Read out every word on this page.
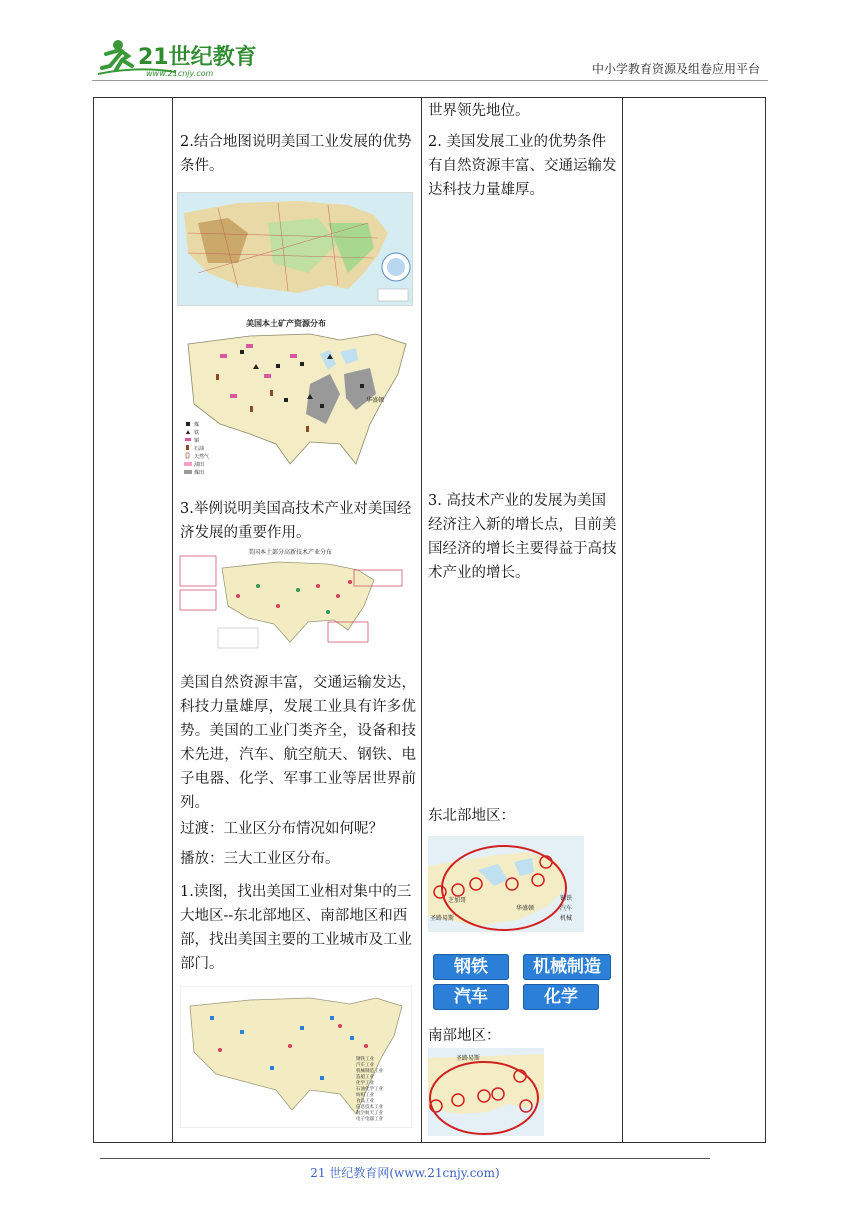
21世纪教育
www.21cnjy.com	中小学教育资源及组卷应用平台
2.结合地图说明美国工业发展的优势条件。
美国本土矿产资源分布
华盛顿
煤
铁
铜
石油
天然气
油田
煤田
3.举例说明美国高技术产业对美国经济发展的重要作用。
美国本土部分高新技术产业分布
美国自然资源丰富，交通运输发达，科技力量雄厚，发展工业具有许多优势。美国的工业门类齐全，设备和技术先进，汽车、航空航天、钢铁、电子电器、化学、军事工业等居世界前列。
过渡：工业区分布情况如何呢？
播放：三大工业区分布。
1.读图，找出美国工业相对集中的三大地区--东北部地区、南部地区和西部，找出美国主要的工业城市及工业部门。
钢铁工业
汽车工业
机械制造工业
造船工业
化学工业
石油化学工业
纺织工业
食品工业
信息技术工业
航空航天工业
电子电器工业
世界领先地位。
2. 美国发展工业的优势条件有自然资源丰富、交通运输发达科技力量雄厚。
3. 高技术产业的发展为美国经济注入新的增长点，目前美国经济的增长主要得益于高技术产业的增长。
东北部地区：
芝加哥
华盛顿
圣路易斯
钢铁
汽车
机械
钢铁	机械制造
汽车	化学
南部地区：
圣路易斯
21 世纪教育网(www.21cnjy.com)
